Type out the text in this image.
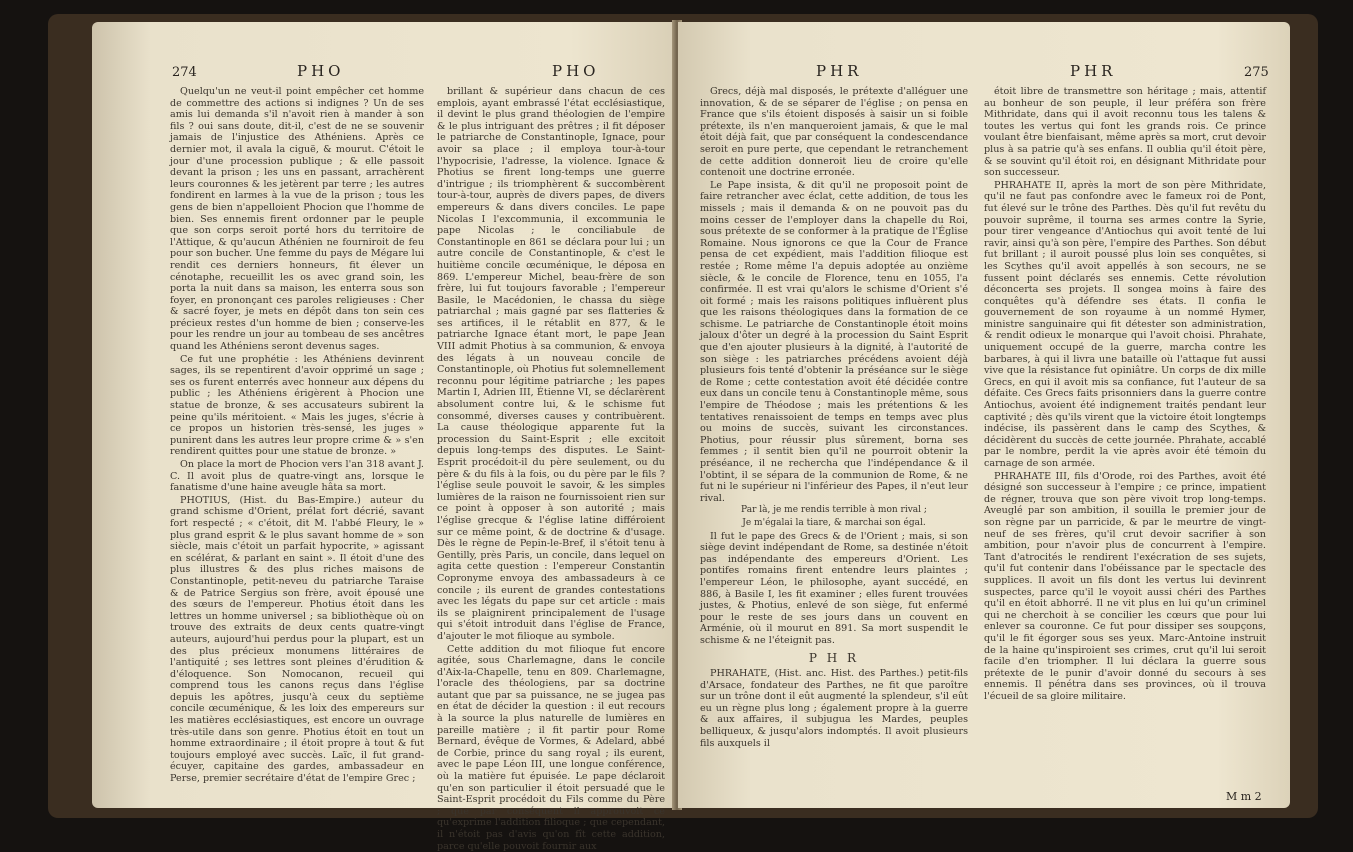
274	PHO	PHO

Quelqu'un ne veut-il point empêcher cet homme de commettre des actions si indignes ? Un de ses amis lui demanda s'il n'avoit rien à mander à son fils ? oui sans doute, dit-il, c'est de ne se souvenir jamais de l'injustice des Athéniens. Après ce dernier mot, il avala la ciguë, & mourut. C'étoit le jour d'une procession publique ; & elle passoit devant la prison ; les uns en passant, arrachèrent leurs couronnes & les jetèrent par terre ; les autres fondirent en larmes à la vue de la prison ; tous les gens de bien n'appelloient Phocion que l'homme de bien. Ses ennemis firent ordonner par le peuple que son corps seroit porté hors du territoire de l'Attique, & qu'aucun Athénien ne fourniroit de feu pour son bucher. Une femme du pays de Mégare lui rendit ces derniers honneurs, fit élever un cénotaphe, recueillit les os avec grand soin, les porta la nuit dans sa maison, les enterra sous son foyer, en prononçant ces paroles religieuses : Cher & sacré foyer, je mets en dépôt dans ton sein ces précieux restes d'un homme de bien ; conserve-les pour les rendre un jour au tombeau de ses ancêtres quand les Athéniens seront devenus sages.

Ce fut une prophétie : les Athéniens devinrent sages, ils se repentirent d'avoir opprimé un sage ; ses os furent enterrés avec honneur aux dépens du public ; les Athéniens érigèrent à Phocion une statue de bronze, & ses accusateurs subirent la peine qu'ils méritoient. « Mais les juges, s'écrie à ce propos un historien très-sensé, les juges » punirent dans les autres leur propre crime & » s'en rendirent quittes pour une statue de bronze. »

On place la mort de Phocion vers l'an 318 avant J. C. Il avoit plus de quatre-vingt ans, lorsque le fanatisme d'une haine aveugle hâta sa mort.

PHOTIUS, (Hist. du Bas-Empire.) auteur du grand schisme d'Orient, prélat fort décrié, savant fort respecté ; « c'étoit, dit M. l'abbé Fleury, le » plus grand esprit & le plus savant homme de » son siècle, mais c'étoit un parfait hypocrite, » agissant en scélérat, & parlant en saint ». Il étoit d'une des plus illustres & des plus riches maisons de Constantinople, petit-neveu du patriarche Taraise & de Patrice Sergius son frère, avoit épousé une des sœurs de l'empereur. Photius étoit dans les lettres un homme universel ; sa bibliothèque où on trouve des extraits de deux cents quatre-vingt auteurs, aujourd'hui perdus pour la plupart, est un des plus précieux monumens littéraires de l'antiquité ; ses lettres sont pleines d'érudition & d'éloquence. Son Nomocanon, recueil qui comprend tous les canons reçus dans l'église depuis les apôtres, jusqu'à ceux du septième concile œcuménique, & les loix des empereurs sur les matières ecclésiastiques, est encore un ouvrage très-utile dans son genre. Photius étoit en tout un homme extraordinaire ; il étoit propre à tout & fut toujours employé avec succès. Laïc, il fut grand-écuyer, capitaine des gardes, ambassadeur en Perse, premier secrétaire d'état de l'empire Grec ;

brillant & supérieur dans chacun de ces emplois, ayant embrassé l'état ecclésiastique, il devint le plus grand théologien de l'empire & le plus intriguant des prêtres ; il fit déposer le patriarche de Constantinople, Ignace, pour avoir sa place ; il employa tour-à-tour l'hypocrisie, l'adresse, la violence. Ignace & Photius se firent long-temps une guerre d'intrigue ; ils triomphèrent & succombèrent tour-à-tour, auprès de divers papes, de divers empereurs & dans divers conciles. Le pape Nicolas I l'excommunia, il excommunia le pape Nicolas ; le conciliabule de Constantinople en 861 se déclara pour lui ; un autre concile de Constantinople, & c'est le huitième concile œcuménique, le déposa en 869. L'empereur Michel, beau-frère de son frère, lui fut toujours favorable ; l'empereur Basile, le Macédonien, le chassa du siège patriarchal ; mais gagné par ses flatteries & ses artifices, il le rétablit en 877, & le patriarche Ignace étant mort, le pape Jean VIII admit Photius à sa communion, & envoya des légats à un nouveau concile de Constantinople, où Photius fut solemnellement reconnu pour légitime patriarche ; les papes Martin I, Adrien III, Étienne VI, se déclarèrent absolument contre lui, & le schisme fut consommé, diverses causes y contribuèrent. La cause théologique apparente fut la procession du Saint-Esprit ; elle excitoit depuis long-temps des disputes. Le Saint-Esprit procédoit-il du père seulement, ou du père & du fils à la fois, ou du père par le fils ? l'église seule pouvoit le savoir, & les simples lumières de la raison ne fournissoient rien sur ce point à opposer à son autorité ; mais l'église grecque & l'église latine différoient sur ce même point, & de doctrine & d'usage. Dès le règne de Pepin-le-Bref, il s'étoit tenu à Gentilly, près Paris, un concile, dans lequel on agita cette question : l'empereur Constantin Copronyme envoya des ambassadeurs à ce concile ; ils eurent de grandes contestations avec les légats du pape sur cet article : mais ils se plaignirent principalement de l'usage qui s'étoit introduit dans l'église de France, d'ajouter le mot filioque au symbole.

Cette addition du mot filioque fut encore agitée, sous Charlemagne, dans le concile d'Aix-la-Chapelle, tenu en 809. Charlemagne, l'oracle des théologiens, par sa doctrine autant que par sa puissance, ne se jugea pas en état de décider la question : il eut recours à la source la plus naturelle de lumières en pareille matière ; il fit partir pour Rome Bernard, évêque de Vormes, & Adelard, abbé de Corbie, prince du sang royal ; ils eurent, avec le pape Léon III, une longue conférence, où la matière fut épuisée. Le pape déclaroit qu'en son particulier il étoit persuadé que le Saint-Esprit procédoit du Fils comme du Père ; que par conséquent il approuvoit ce qu'exprime l'addition filioque ; que cependant, il n'étoit pas d'avis qu'on fît cette addition, parce qu'elle pouvoit fournir aux

PHR	PHR	275

Grecs, déjà mal disposés, le prétexte d'alléguer une innovation, & de se séparer de l'église ; on pensa en France que s'ils étoient disposés à saisir un si foible prétexte, ils n'en manqueroient jamais, & que le mal étoit déjà fait, que par conséquent la condescendance seroit en pure perte, que cependant le retranchement de cette addition donneroit lieu de croire qu'elle contenoit une doctrine erronée.

Le Pape insista, & dit qu'il ne proposoit point de faire retrancher avec éclat, cette addition, de tous les missels ; mais il demanda & on ne pouvoit pas du moins cesser de l'employer dans la chapelle du Roi, sous prétexte de se conformer à la pratique de l'Église Romaine. Nous ignorons ce que la Cour de France pensa de cet expédient, mais l'addition filioque est restée ; Rome même l'a depuis adoptée au onzième siècle, & le concile de Florence, tenu en 1055, l'a confirmée. Il est vrai qu'alors le schisme d'Orient s'é oit formé ; mais les raisons politiques influèrent plus que les raisons théologiques dans la formation de ce schisme. Le patriarche de Constantinople étoit moins jaloux d'ôter un degré à la procession du Saint Esprit que d'en ajouter plusieurs à la dignité, à l'autorité de son siège : les patriarches précédens avoient déjà plusieurs fois tenté d'obtenir la préséance sur le siège de Rome ; cette contestation avoit été décidée contre eux dans un concile tenu à Constantinople même, sous l'empire de Théodose ; mais les prétentions & les tentatives renaissoient de temps en temps avec plus ou moins de succès, suivant les circonstances. Photius, pour réussir plus sûrement, borna ses femmes ; il sentit bien qu'il ne pourroit obtenir la préséance, il ne rechercha que l'indépendance & il l'obtint, il se sépara de la communion de Rome, & ne fut ni le supérieur ni l'inférieur des Papes, il n'eut leur rival.

Par là, je me rendis terrible à mon rival ;

Je m'égalai la tiare, & marchai son égal.

Il fut le pape des Grecs & de l'Orient ; mais, si son siège devint indépendant de Rome, sa destinée n'étoit pas indépendante des empereurs d'Orient. Les pontifes romains firent entendre leurs plaintes ; l'empereur Léon, le philosophe, ayant succédé, en 886, à Basile I, les fit examiner ; elles furent trouvées justes, & Photius, enlevé de son siège, fut enfermé pour le reste de ses jours dans un couvent en Arménie, où il mourut en 891. Sa mort suspendit le schisme & ne l'éteignit pas.

P H R

PHRAHATE, (Hist. anc. Hist. des Parthes.) petit-fils d'Arsace, fondateur des Parthes, ne fit que paroître sur un trône dont il eût augmenté la splendeur, s'il eût eu un règne plus long ; également propre à la guerre & aux affaires, il subjugua les Mardes, peuples belliqueux, & jusqu'alors indomptés. Il avoit plusieurs fils auxquels il

étoit libre de transmettre son héritage ; mais, attentif au bonheur de son peuple, il leur préféra son frère Mithridate, dans qui il avoit reconnu tous les talens & toutes les vertus qui font les grands rois. Ce prince voulant être bienfaisant, même après sa mort, crut devoir plus à sa patrie qu'à ses enfans. Il oublia qu'il étoit père, & se souvint qu'il étoit roi, en désignant Mithridate pour son successeur.

PHRAHATE II, après la mort de son père Mithridate, qu'il ne faut pas confondre avec le fameux roi de Pont, fut élevé sur le trône des Parthes. Dès qu'il fut revêtu du pouvoir suprême, il tourna ses armes contre la Syrie, pour tirer vengeance d'Antiochus qui avoit tenté de lui ravir, ainsi qu'à son père, l'empire des Parthes. Son début fut brillant ; il auroit poussé plus loin ses conquêtes, si les Scythes qu'il avoit appellés à son secours, ne se fussent point déclarés ses ennemis. Cette révolution déconcerta ses projets. Il songea moins à faire des conquêtes qu'à défendre ses états. Il confia le gouvernement de son royaume à un nommé Hymer, ministre sanguinaire qui fit détester son administration, & rendit odieux le monarque qui l'avoit choisi. Phrahate, uniquement occupé de la guerre, marcha contre les barbares, à qui il livra une bataille où l'attaque fut aussi vive que la résistance fut opiniâtre. Un corps de dix mille Grecs, en qui il avoit mis sa confiance, fut l'auteur de sa défaite. Ces Grecs faits prisonniers dans la guerre contre Antiochus, avoient été indignement traités pendant leur captivité ; dès qu'ils virent que la victoire étoit longtemps indécise, ils passèrent dans le camp des Scythes, & décidèrent du succès de cette journée. Phrahate, accablé par le nombre, perdit la vie après avoir été témoin du carnage de son armée.

PHRAHATE III, fils d'Orode, roi des Parthes, avoit été désigné son successeur à l'empire ; ce prince, impatient de régner, trouva que son père vivoit trop long-temps. Aveuglé par son ambition, il souilla le premier jour de son règne par un parricide, & par le meurtre de vingt-neuf de ses frères, qu'il crut devoir sacrifier à son ambition, pour n'avoir plus de concurrent à l'empire. Tant d'atrocités le rendirent l'exécration de ses sujets, qu'il fut contenir dans l'obéissance par le spectacle des supplices. Il avoit un fils dont les vertus lui devinrent suspectes, parce qu'il le voyoit aussi chéri des Parthes qu'il en étoit abhorré. Il ne vit plus en lui qu'un criminel qui ne cherchoit à se concilier les cœurs que pour lui enlever sa couronne. Ce fut pour dissiper ses soupçons, qu'il le fit égorger sous ses yeux. Marc-Antoine instruit de la haine qu'inspiroient ses crimes, crut qu'il lui seroit facile d'en triompher. Il lui déclara la guerre sous prétexte de le punir d'avoir donné du secours à ses ennemis. Il pénétra dans ses provinces, où il trouva l'écueil de sa gloire militaire.

M m 2
